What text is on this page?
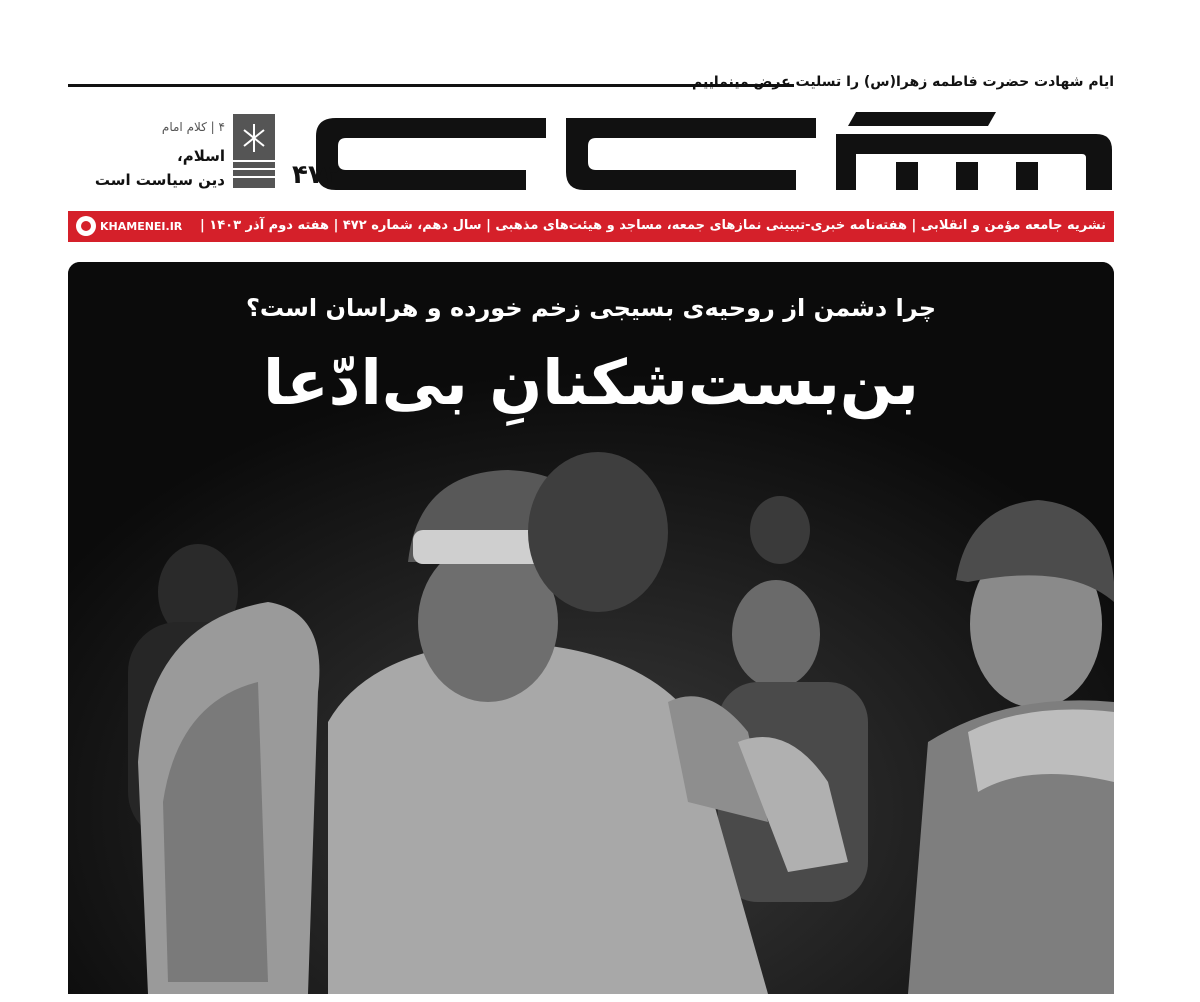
ایام شهادت حضرت فاطمه زهرا(س) را تسلیت عرض مینماییم
۴۷۲
۴ | کلام امام
اسلام،
دین سیاست است
نشریه جامعه مؤمن و انقلابی | هفته‌نامه خبری-تبیینی نمازهای جمعه، مساجد و هیئت‌های مذهبی | سال دهم، شماره ۴۷۲ | هفته دوم آذر ۱۴۰۳ |
KHAMENEI.IR
چرا دشمن از روحیه‌ی بسیجی زخم خورده و هراسان است؟
بن‌بست‌شکنانِ بی‌ادّعا
